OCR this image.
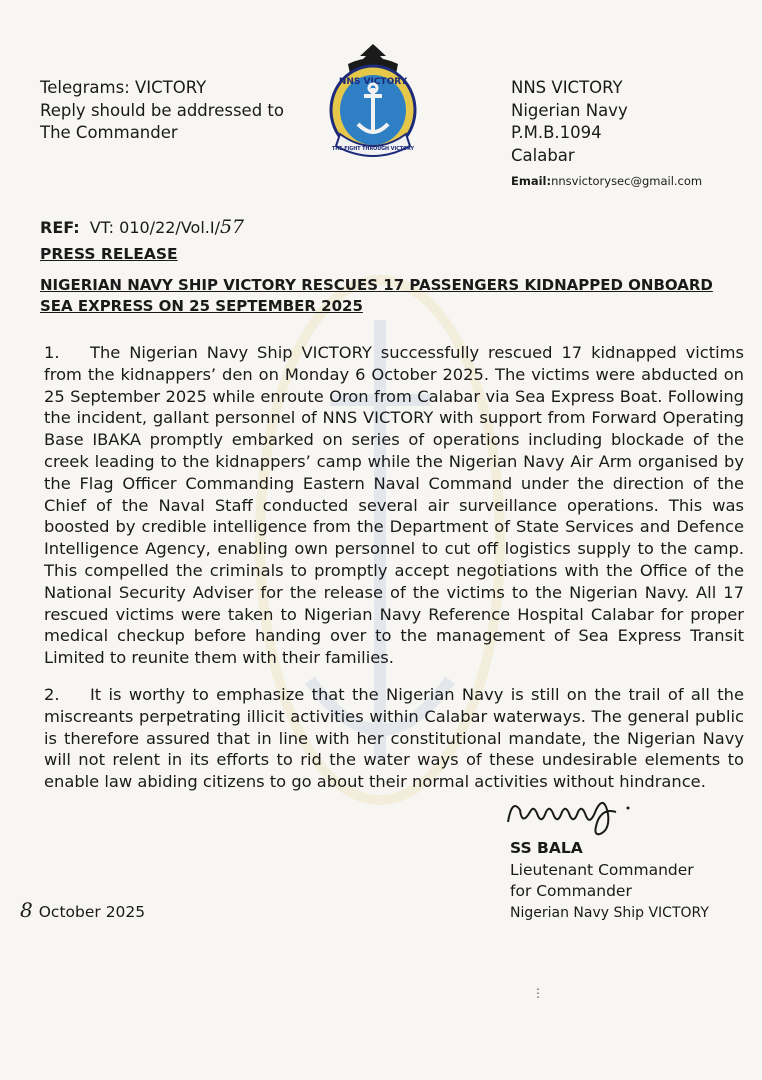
Telegrams: VICTORY
Reply should be addressed to
The Commander
NNS VICTORY
THE FIGHT THROUGH VICTORY
NNS VICTORY
Nigerian Navy
P.M.B.1094
Calabar
Email:nnsvictorysec@gmail.com
REF: VT: 010/22/Vol.I/57
PRESS RELEASE
NIGERIAN NAVY SHIP VICTORY RESCUES 17 PASSENGERS KIDNAPPED ONBOARD SEA EXPRESS ON 25 SEPTEMBER 2025
1. The Nigerian Navy Ship VICTORY successfully rescued 17 kidnapped victims from the kidnappers’ den on Monday 6 October 2025. The victims were abducted on 25 September 2025 while enroute Oron from Calabar via Sea Express Boat. Following the incident, gallant personnel of NNS VICTORY with support from Forward Operating Base IBAKA promptly embarked on series of operations including blockade of the creek leading to the kidnappers’ camp while the Nigerian Navy Air Arm organised by the Flag Officer Commanding Eastern Naval Command under the direction of the Chief of the Naval Staff conducted several air surveillance operations. This was boosted by credible intelligence from the Department of State Services and Defence Intelligence Agency, enabling own personnel to cut off logistics supply to the camp. This compelled the criminals to promptly accept negotiations with the Office of the National Security Adviser for the release of the victims to the Nigerian Navy. All 17 rescued victims were taken to Nigerian Navy Reference Hospital Calabar for proper medical checkup before handing over to the management of Sea Express Transit Limited to reunite them with their families.
2. It is worthy to emphasize that the Nigerian Navy is still on the trail of all the miscreants perpetrating illicit activities within Calabar waterways. The general public is therefore assured that in line with her constitutional mandate, the Nigerian Navy will not relent in its efforts to rid the water ways of these undesirable elements to enable law abiding citizens to go about their normal activities without hindrance.
SS BALA
Lieutenant Commander
for Commander
Nigerian Navy Ship VICTORY
8 October 2025
⋮
